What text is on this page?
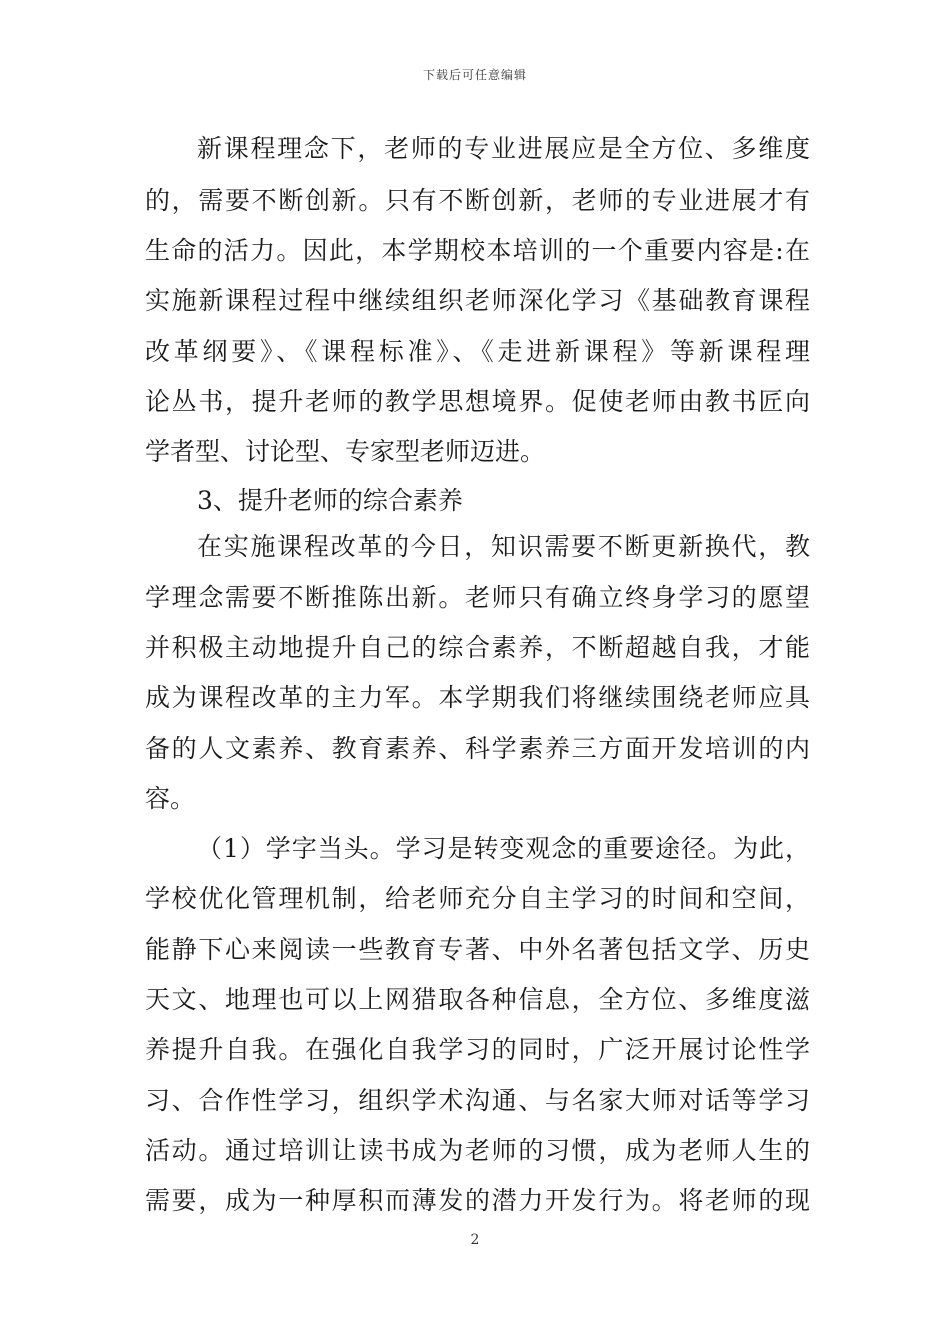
下载后可任意编辑
新课程理念下，老师的专业进展应是全方位、多维度
的，需要不断创新。只有不断创新，老师的专业进展才有
生命的活力。因此，本学期校本培训的一个重要内容是:在
实施新课程过程中继续组织老师深化学习《基础教育课程
改革纲要》、《课程标准》、《走进新课程》等新课程理
论丛书，提升老师的教学思想境界。促使老师由教书匠向
学者型、讨论型、专家型老师迈进。
3、提升老师的综合素养
在实施课程改革的今日，知识需要不断更新换代，教
学理念需要不断推陈出新。老师只有确立终身学习的愿望
并积极主动地提升自己的综合素养，不断超越自我，才能
成为课程改革的主力军。本学期我们将继续围绕老师应具
备的人文素养、教育素养、科学素养三方面开发培训的内
容。
（1）学字当头。学习是转变观念的重要途径。为此，
学校优化管理机制，给老师充分自主学习的时间和空间，
能静下心来阅读一些教育专著、中外名著包括文学、历史
天文、地理也可以上网猎取各种信息，全方位、多维度滋
养提升自我。在强化自我学习的同时，广泛开展讨论性学
习、合作性学习，组织学术沟通、与名家大师对话等学习
活动。通过培训让读书成为老师的习惯，成为老师人生的
需要，成为一种厚积而薄发的潜力开发行为。将老师的现
2
